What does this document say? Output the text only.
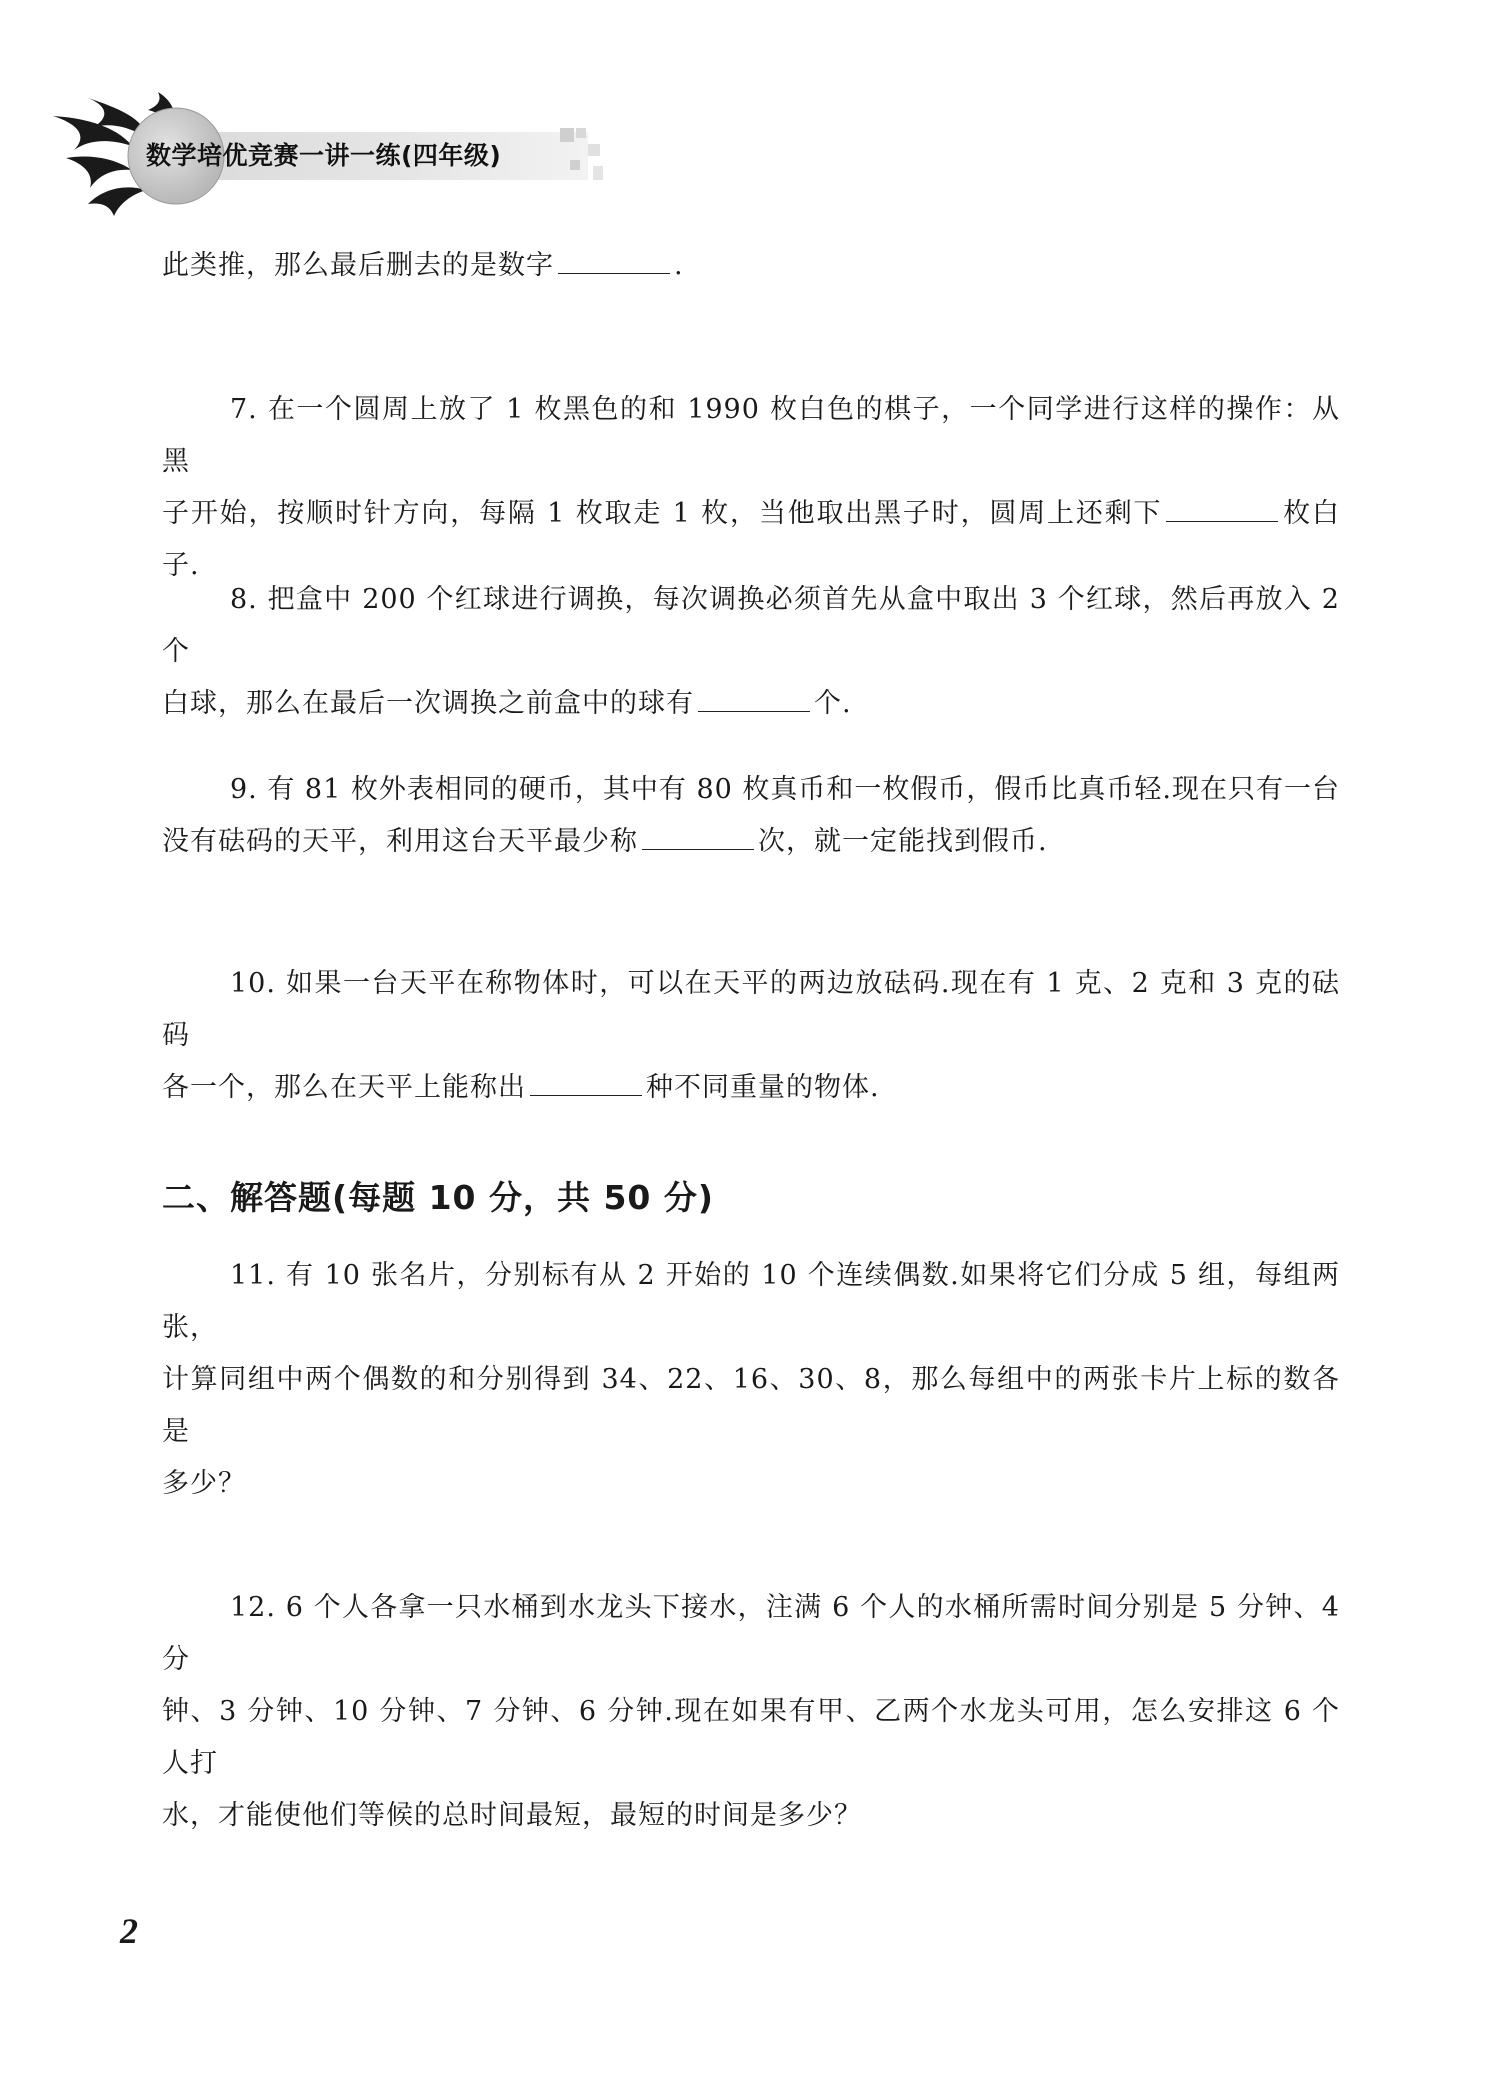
数学培优竞赛一讲一练(四年级)
此类推，那么最后删去的是数字	.
7. 在一个圆周上放了 1 枚黑色的和 1990 枚白色的棋子，一个同学进行这样的操作：从黑
子开始，按顺时针方向，每隔 1 枚取走 1 枚，当他取出黑子时，圆周上还剩下	枚白子.
8. 把盒中 200 个红球进行调换，每次调换必须首先从盒中取出 3 个红球，然后再放入 2 个
白球，那么在最后一次调换之前盒中的球有	个.
9. 有 81 枚外表相同的硬币，其中有 80 枚真币和一枚假币，假币比真币轻.现在只有一台
没有砝码的天平，利用这台天平最少称	次，就一定能找到假币.
10. 如果一台天平在称物体时，可以在天平的两边放砝码.现在有 1 克、2 克和 3 克的砝码
各一个，那么在天平上能称出	种不同重量的物体.
二、解答题(每题 10 分，共 50 分)
11. 有 10 张名片，分别标有从 2 开始的 10 个连续偶数.如果将它们分成 5 组，每组两张，
计算同组中两个偶数的和分别得到 34、22、16、30、8，那么每组中的两张卡片上标的数各是
多少？
12. 6 个人各拿一只水桶到水龙头下接水，注满 6 个人的水桶所需时间分别是 5 分钟、4 分
钟、3 分钟、10 分钟、7 分钟、6 分钟.现在如果有甲、乙两个水龙头可用，怎么安排这 6 个人打
水，才能使他们等候的总时间最短，最短的时间是多少？
2
